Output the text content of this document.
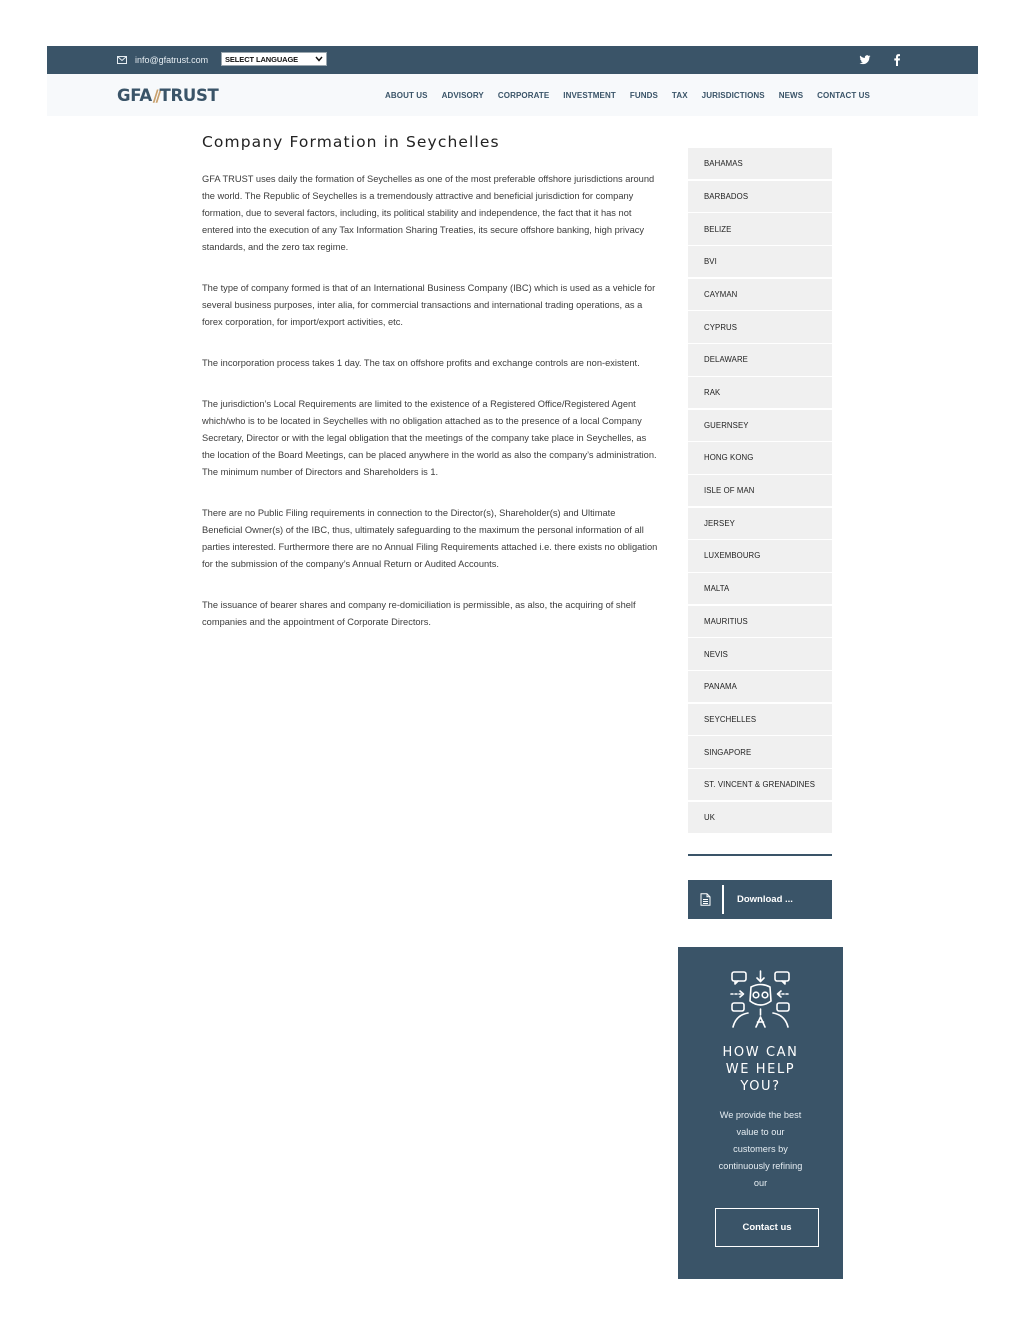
info@gfatrust.com SELECT LANGUAGE
GFA // TRUST	ABOUT US ADVISORY CORPORATE INVESTMENT FUNDS TAX JURISDICTIONS NEWS CONTACT US
Company Formation in Seychelles

GFA TRUST uses daily the formation of Seychelles as one of the most preferable offshore jurisdictions around the world. The Republic of Seychelles is a tremendously attractive and beneficial jurisdiction for company formation, due to several factors, including, its political stability and independence, the fact that it has not entered into the execution of any Tax Information Sharing Treaties, its secure offshore banking, high privacy standards, and the zero tax regime.

The type of company formed is that of an International Business Company (IBC) which is used as a vehicle for several business purposes, inter alia, for commercial transactions and international trading operations, as a forex corporation, for import/export activities, etc.

The incorporation process takes 1 day. The tax on offshore profits and exchange controls are non-existent.

The jurisdiction’s Local Requirements are limited to the existence of a Registered Office/Registered Agent which/who is to be located in Seychelles with no obligation attached as to the presence of a local Company Secretary, Director or with the legal obligation that the meetings of the company take place in Seychelles, as the location of the Board Meetings, can be placed anywhere in the world as also the company’s administration. The minimum number of Directors and Shareholders is 1.

There are no Public Filing requirements in connection to the Director(s), Shareholder(s) and Ultimate Beneficial Owner(s) of the IBC, thus, ultimately safeguarding to the maximum the personal information of all parties interested. Furthermore there are no Annual Filing Requirements attached i.e. there exists no obligation for the submission of the company’s Annual Return or Audited Accounts.

The issuance of bearer shares and company re-domiciliation is permissible, as also, the acquiring of shelf companies and the appointment of Corporate Directors.

BAHAMAS
BARBADOS
BELIZE
BVI
CAYMAN
CYPRUS
DELAWARE
RAK
GUERNSEY
HONG KONG
ISLE OF MAN
JERSEY
LUXEMBOURG
MALTA
MAURITIUS
NEVIS
PANAMA
SEYCHELLES
SINGAPORE
ST. VINCENT & GRENADINES
UK
Download ...
HOW CAN WE HELP YOU?
We provide the best value to our customers by continuously refining our
Contact us
